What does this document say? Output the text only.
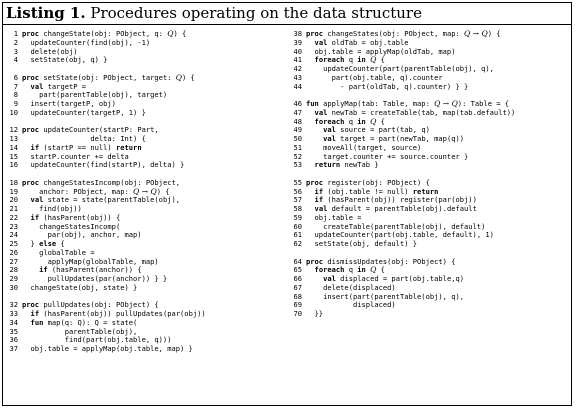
Listing 1. Procedures operating on the data structure
1 proc changeState(obj: PObject, q: Q) {
2  updateCounter(find(obj), -1)
3  delete(obj)
4  setState(obj, q) }
6 proc setState(obj: PObject, target: Q) {
7 val targetP =
8    part(parentTable(obj), target)
9  insert(targetP, obj)
10  updateCounter(targetP, 1) }
12 proc updateCounter(startP: Part,
13                delta: Int) {
14 if (startP == null) return
15  startP.counter += delta
16  updateCounter(find(startP), delta) }
18 proc changeStatesIncomp(obj: PObject,
19    anchor: PObject, map: Q → Q) {
20 val state = state(parentTable(obj),
21    find(obj))
22 if (hasParent(obj)) {
23    changeStatesIncomp(
24      par(obj), anchor, map)
25  } else {
26    globalTable =
27      applyMap(globalTable, map)
28	if (hasParent(anchor)) {
29      pullUpdates(par(anchor)) } }
30  changeState(obj, state) }
32 proc pullUpdates(obj: PObject) {
33 if (hasParent(obj)) pullUpdates(par(obj))
34 fun map(q: Q): Q = state(
35          parentTable(obj),
36          find(part(obj.table, q)))
37  obj.table = applyMap(obj.table, map) }
38 proc changeStates(obj: PObject, map: Q → Q) {
39 val oldTab = obj.table
40  obj.table = applyMap(oldTab, map)
41 foreach q in Q {
42    updateCounter(part(parentTable(obj), q),
43      part(obj.table, q).counter
44        - part(oldTab, q).counter) } }
46 fun applyMap(tab: Table, map: Q → Q): Table = {
47 val newTab = createTable(tab, map(tab.default))
48 foreach q in Q {
49	val source = part(tab, q)
50	val target = part(newTab, map(q))
51    moveAll(target, source)
52    target.counter += source.counter }
53 return newTab }
55 proc register(obj: PObject) {
56 if (obj.table != null) return
57 if (hasParent(obj)) register(par(obj))
58 val default = parentTable(obj).default
59  obj.table =
60    createTable(parentTable(obj), default)
61  updateCounter(part(obj.table, default), 1)
62  setState(obj, default) }
64 proc dismissUpdates(obj: PObject) {
65 foreach q in Q {
66	val displaced = part(obj.table,q)
67    delete(displaced)
68    insert(part(parentTable(obj), q),
69           displaced)
70  }}
